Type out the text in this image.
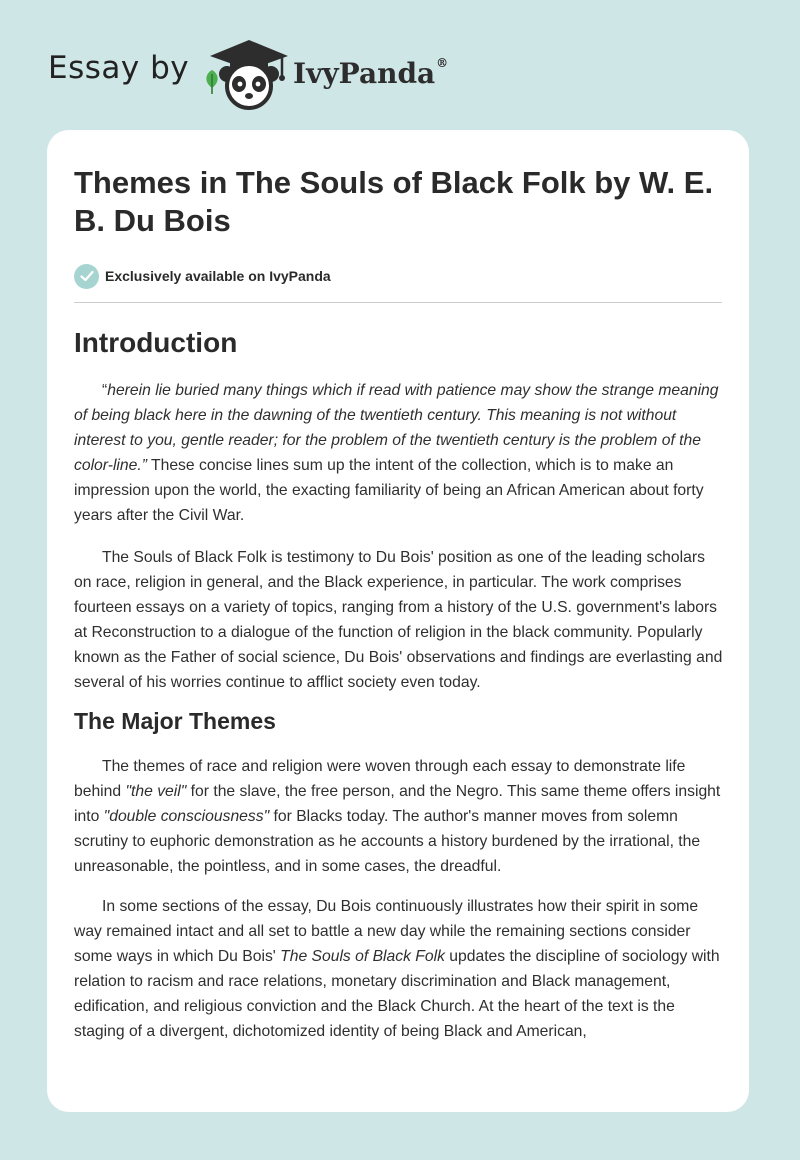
Essay by	IvyPanda®
Themes in The Souls of Black Folk by W. E. B. Du Bois
Exclusively available on IvyPanda
Introduction

“herein lie buried many things which if read with patience may show the strange meaning of being black here in the dawning of the twentieth century. This meaning is not without interest to you, gentle reader; for the problem of the twentieth century is the problem of the color-line.” These concise lines sum up the intent of the collection, which is to make an impression upon the world, the exacting familiarity of being an African American about forty years after the Civil War.

The Souls of Black Folk is testimony to Du Bois' position as one of the leading scholars on race, religion in general, and the Black experience, in particular. The work comprises fourteen essays on a variety of topics, ranging from a history of the U.S. government's labors at Reconstruction to a dialogue of the function of religion in the black community. Popularly known as the Father of social science, Du Bois' observations and findings are everlasting and several of his worries continue to afflict society even today.

The Major Themes

The themes of race and religion were woven through each essay to demonstrate life behind "the veil" for the slave, the free person, and the Negro. This same theme offers insight into "double consciousness" for Blacks today. The author's manner moves from solemn scrutiny to euphoric demonstration as he accounts a history burdened by the irrational, the unreasonable, the pointless, and in some cases, the dreadful.

In some sections of the essay, Du Bois continuously illustrates how their spirit in some way remained intact and all set to battle a new day while the remaining sections consider some ways in which Du Bois' The Souls of Black Folk updates the discipline of sociology with relation to racism and race relations, monetary discrimination and Black management, edification, and religious conviction and the Black Church. At the heart of the text is the staging of a divergent, dichotomized identity of being Black and American,
